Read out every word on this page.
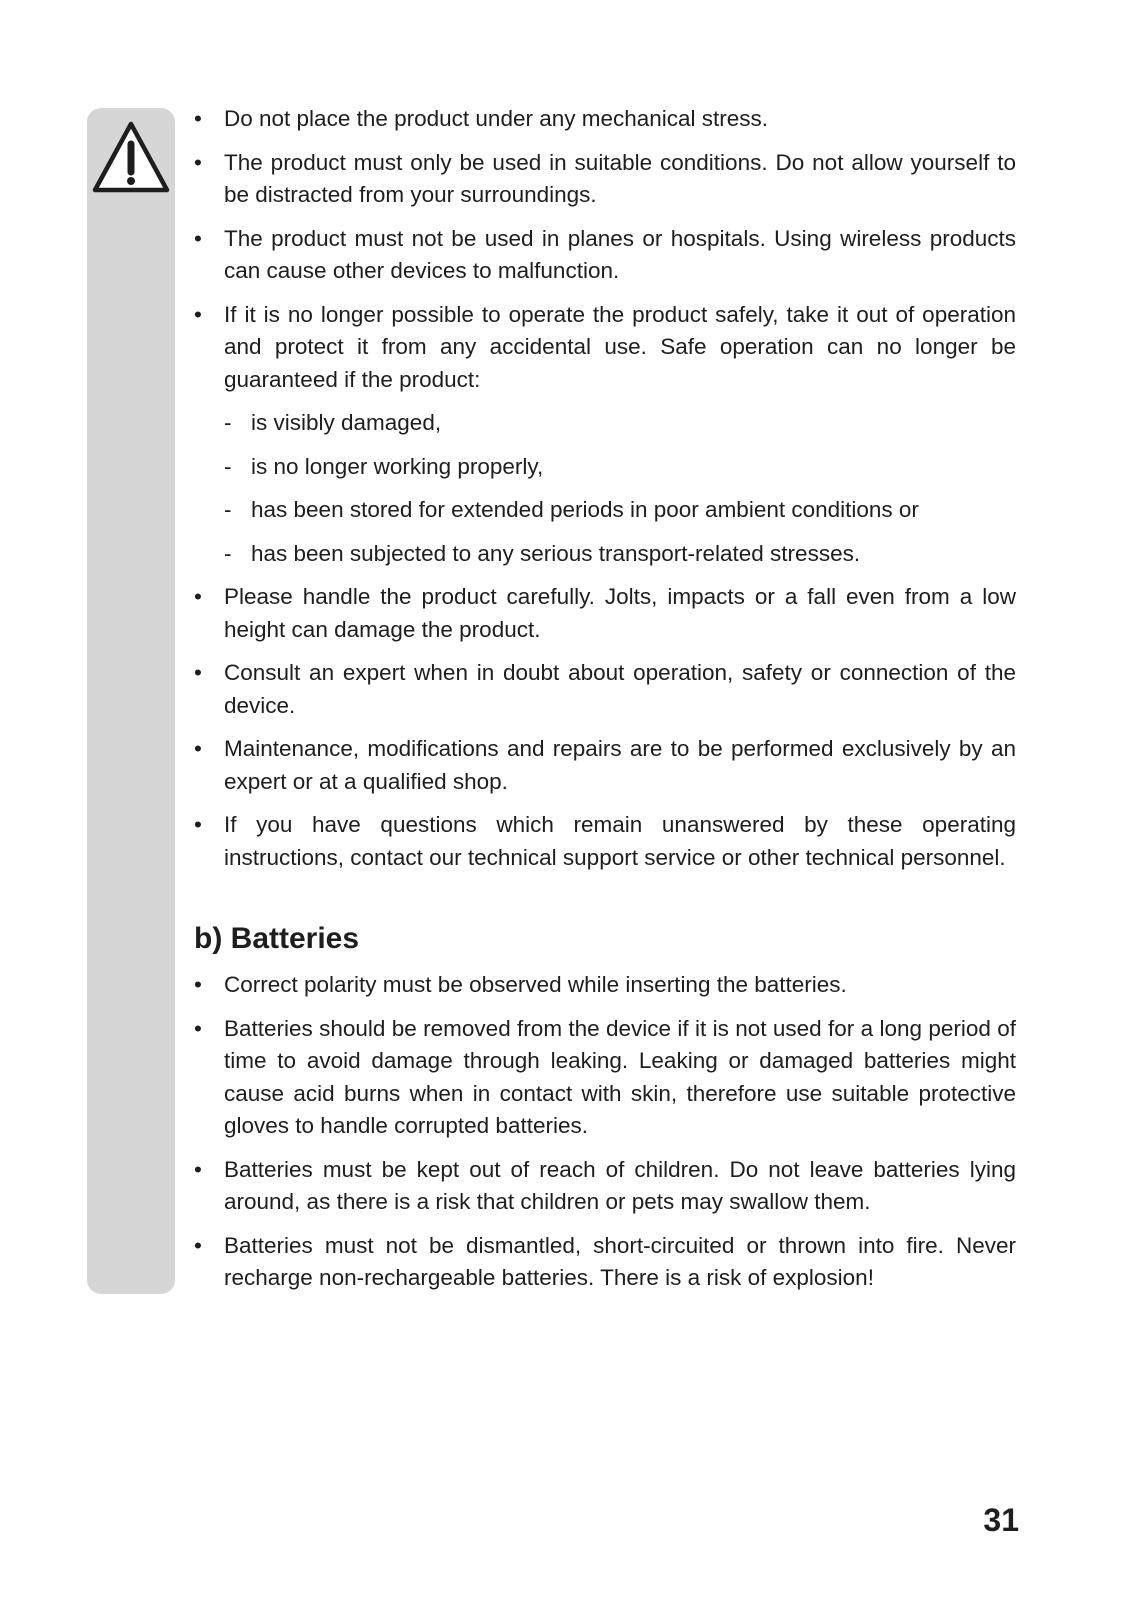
• Do not place the product under any mechanical stress.
• The product must only be used in suitable conditions. Do not allow yourself to be distracted from your surroundings.
• The product must not be used in planes or hospitals. Using wireless products can cause other devices to malfunction.
• If it is no longer possible to operate the product safely, take it out of operation and protect it from any accidental use. Safe operation can no longer be guaranteed if the product:
- is visibly damaged,
- is no longer working properly,
- has been stored for extended periods in poor ambient conditions or
- has been subjected to any serious transport-related stresses.
• Please handle the product carefully. Jolts, impacts or a fall even from a low height can damage the product.
• Consult an expert when in doubt about operation, safety or connection of the device.
• Maintenance, modifications and repairs are to be performed exclusively by an expert or at a qualified shop.
• If you have questions which remain unanswered by these operating instructions, contact our technical support service or other technical personnel.
b) Batteries
• Correct polarity must be observed while inserting the batteries.
• Batteries should be removed from the device if it is not used for a long period of time to avoid damage through leaking. Leaking or damaged batteries might cause acid burns when in contact with skin, therefore use suitable protective gloves to handle corrupted batteries.
• Batteries must be kept out of reach of children. Do not leave batteries lying around, as there is a risk that children or pets may swallow them.
• Batteries must not be dismantled, short-circuited or thrown into fire. Never recharge non-rechargeable batteries. There is a risk of explosion!
31
